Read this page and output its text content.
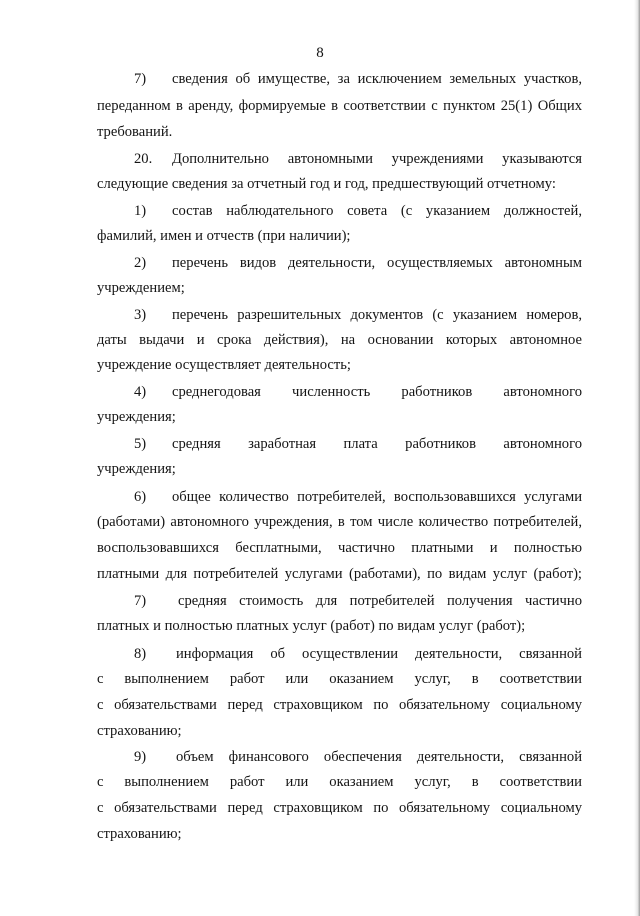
8
7) сведения об имуществе, за исключением земельных участков,
переданном в аренду, формируемые в соответствии с пунктом 25(1) Общих
требований.
20. Дополнительно автономными учреждениями указываются
следующие сведения за отчетный год и год, предшествующий отчетному:
1) состав наблюдательного совета (с указанием должностей,
фамилий, имен и отчеств (при наличии);
2) перечень видов деятельности, осуществляемых автономным
учреждением;
3) перечень разрешительных документов (с указанием номеров,
даты выдачи и срока действия), на основании которых автономное
учреждение осуществляет деятельность;
4) среднегодовая численность работников автономного
учреждения;
5) средняя заработная плата работников автономного
учреждения;
6) общее количество потребителей, воспользовавшихся услугами
(работами) автономного учреждения, в том числе количество потребителей,
воспользовавшихся бесплатными, частично платными и полностью
платными для потребителей услугами (работами), по видам услуг (работ);
7) средняя стоимость для потребителей получения частично
платных и полностью платных услуг (работ) по видам услуг (работ);
8) информация об осуществлении деятельности, связанной
с выполнением работ или оказанием услуг, в соответствии
с обязательствами перед страховщиком по обязательному социальному
страхованию;
9) объем финансового обеспечения деятельности, связанной
с выполнением работ или оказанием услуг, в соответствии
с обязательствами перед страховщиком по обязательному социальному
страхованию;
